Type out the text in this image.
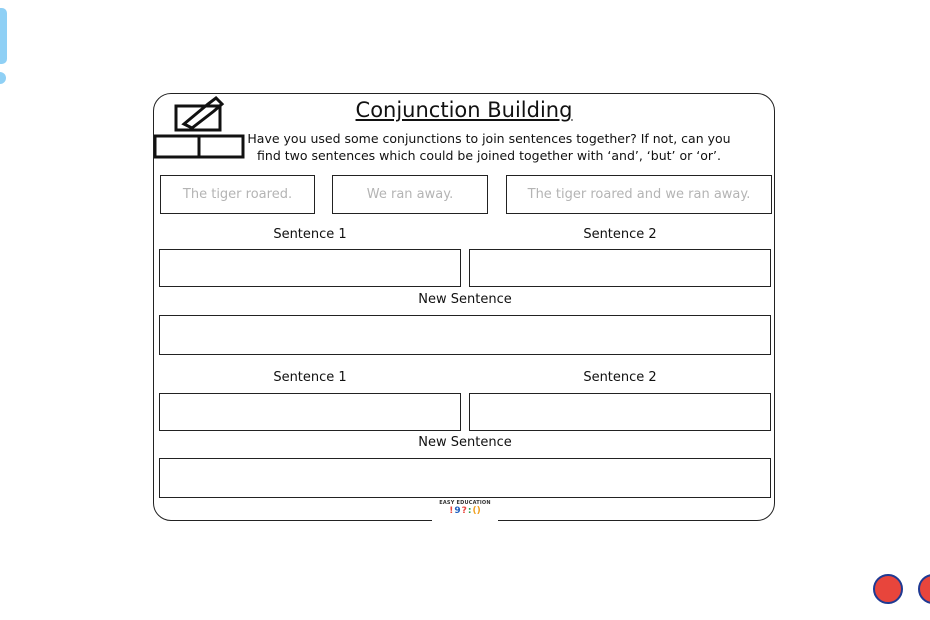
Conjunction Building
Have you used some conjunctions to join sentences together? If not, can you
find two sentences which could be joined together with ‘and’, ‘but’ or ‘or’.
The tiger roared.	We ran away.	The tiger roared and we ran away.
Sentence 1	Sentence 2
New Sentence
Sentence 1	Sentence 2
New Sentence
EASY EDUCATION
!9?:()
